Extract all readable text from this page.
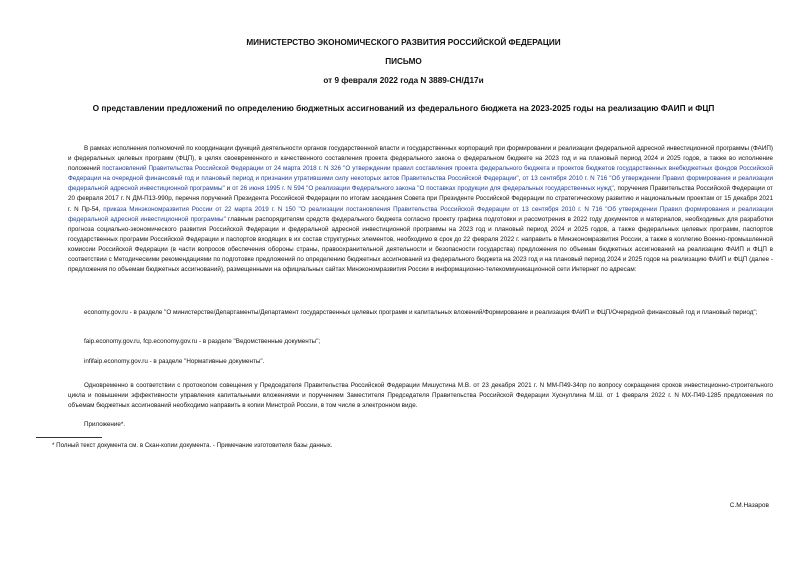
МИНИСТЕРСТВО ЭКОНОМИЧЕСКОГО РАЗВИТИЯ РОССИЙСКОЙ ФЕДЕРАЦИИ
ПИСЬМО
от 9 февраля 2022 года N 3889-СН/Д17и
О представлении предложений по определению бюджетных ассигнований из федерального бюджета на 2023-2025 годы на реализацию ФАИП и ФЦП

В рамках исполнения полномочий по координации функций деятельности органов государственной власти и государственных корпораций при формировании и реализации федеральной адресной инвестиционной программы (ФАИП) и федеральных целевых программ (ФЦП), в целях своевременного и качественного составления проекта федерального закона о федеральном бюджете на 2023 год и на плановый период 2024 и 2025 годов, а также во исполнение положений постановлений Правительства Российской Федерации от 24 марта 2018 г. N 326 "О утверждении правил составления проекта федерального бюджета и проектов бюджетов государственных внебюджетных фондов Российской Федерации на очередной финансовый год и плановый период и признании утратившими силу некоторых актов Правительства Российской Федерации", от 13 сентября 2010 г. N 716 "Об утверждении Правил формирования и реализации федеральной адресной инвестиционной программы" и от 26 июня 1995 г. N 594 "О реализации Федерального закона "О поставках продукции для федеральных государственных нужд", поручения Правительства Российской Федерации от 20 февраля 2017 г. N ДМ-П13-990р, перечня поручений Президента Российской Федерации по итогам заседания Совета при Президенте Российской Федерации по стратегическому развитию и национальным проектам от 15 декабря 2021 г. N Пр-54, приказа Минэкономразвития России от 22 марта 2019 г. N 150 "О реализации постановления Правительства Российской Федерации от 13 сентября 2010 г. N 716 "Об утверждении Правил формирования и реализации федеральной адресной инвестиционной программы" главным распорядителям средств федерального бюджета согласно проекту графика подготовки и рассмотрения в 2022 году документов и материалов, необходимых для разработки прогноза социально-экономического развития Российской Федерации и федеральной адресной инвестиционной программы на 2023 год и плановый период 2024 и 2025 годов, а также федеральных целевых программ, паспортов государственных программ Российской Федерации и паспортов входящих в их состав структурных элементов, необходимо в срок до 22 февраля 2022 г. направить в Минэкономразвития России, а также в коллегию Военно-промышленной комиссии Российской Федерации (в части вопросов обеспечения обороны страны, правоохранительной деятельности и безопасности государства) предложения по объемам бюджетных ассигнований на реализацию ФАИП и ФЦП в соответствии с Методическими рекомендациями по подготовке предложений по определению бюджетных ассигнований из федерального бюджета на 2023 год и на плановый период 2024 и 2025 годов на реализацию ФАИП и ФЦП (далее - предложения по объемам бюджетных ассигнований), размещенными на официальных сайтах Минэкономразвития России в информационно-телекоммуникационной сети Интернет по адресам:

economy.gov.ru - в разделе "О министерстве/Департаменты/Департамент государственных целевых программ и капитальных вложений/Формирование и реализация ФАИП и ФЦП/Очередной финансовый год и плановый период";

faip.economy.gov.ru, fcp.economy.gov.ru - в разделе "Ведомственные документы";

infifaip.economy.gov.ru - в разделе "Нормативные документы".

Одновременно в соответствии с протоколом совещения у Председателя Правительства Российской Федерации Мишустина М.В. от 23 декабря 2021 г. N ММ-П49-34пр по вопросу сокращения сроков инвестиционно-строительного цикла и повышении эффективности управления капитальными вложениями и поручением Заместителя Председателя Правительства Российской Федерации Хуснуллина М.Ш. от 1 февраля 2022 г. N МХ-П49-1285 предложения по объемам бюджетных ассигнований необходимо направить в копии Минстрой России, в том числе в электронном виде.

Приложение*.

* Полный текст документа см. в Скан-копии документа. - Примечание изготовителя базы данных.
С.М.Назаров
